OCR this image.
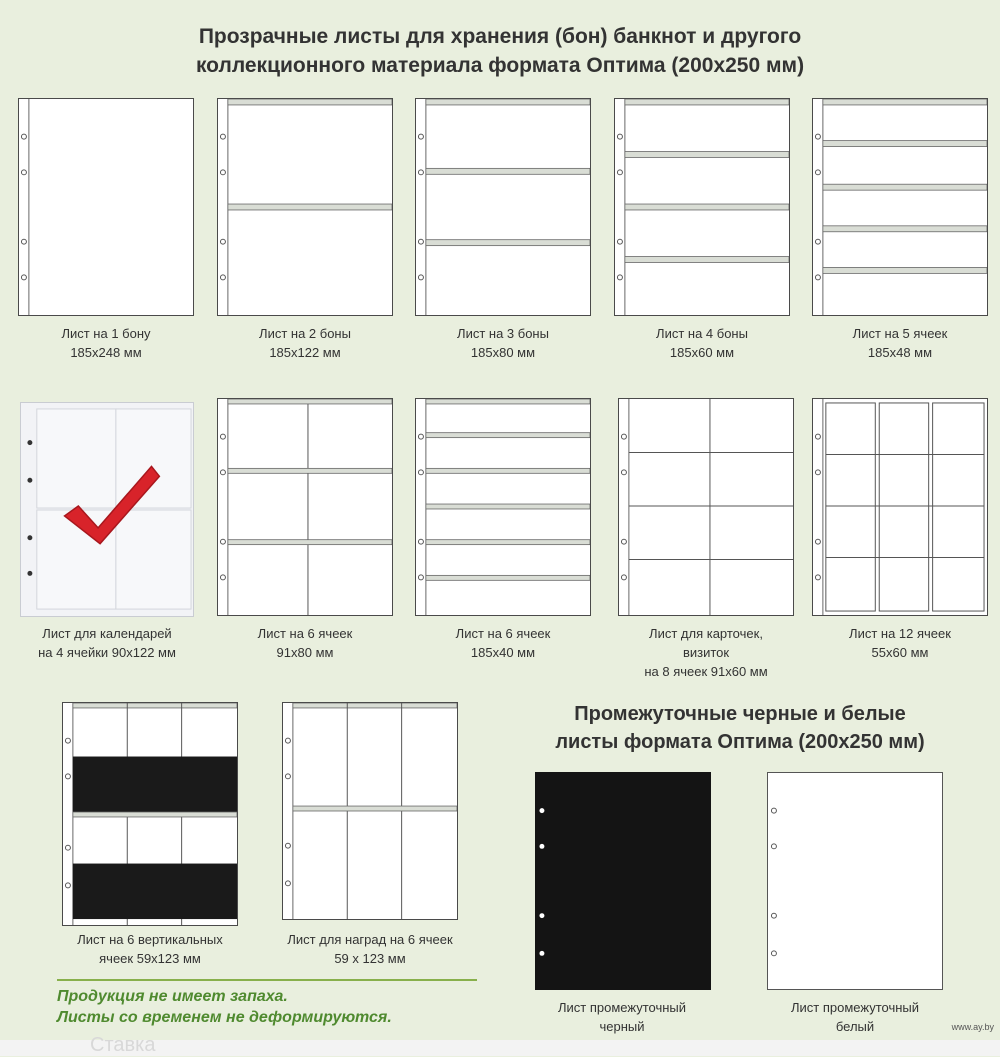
Прозрачные листы для хранения (бон) банкнот и другого
коллекционного материала формата Оптима (200х250 мм)
Лист на 1 бону
185х248 мм
Лист на 2 боны
185х122 мм
Лист на 3 боны
185х80 мм
Лист на 4 боны
185х60 мм
Лист на 5 ячеек
185х48 мм
Лист для календарей
на 4 ячейки 90х122 мм
Лист на 6 ячеек
91х80 мм
Лист на 6 ячеек
185х40 мм
Лист для карточек,
визиток
на 8 ячеек 91х60 мм
Лист на 12 ячеек
55х60 мм
Лист на 6 вертикальных
ячеек 59х123 мм
Лист для наград на 6 ячеек
59 х 123 мм
Промежуточные черные и белые
листы формата Оптима (200х250 мм)
Лист промежуточный
черный
Лист промежуточный
белый
Продукция не имеет запаха.
Листы со временем не деформируются.
www.ay.by
Ставка
